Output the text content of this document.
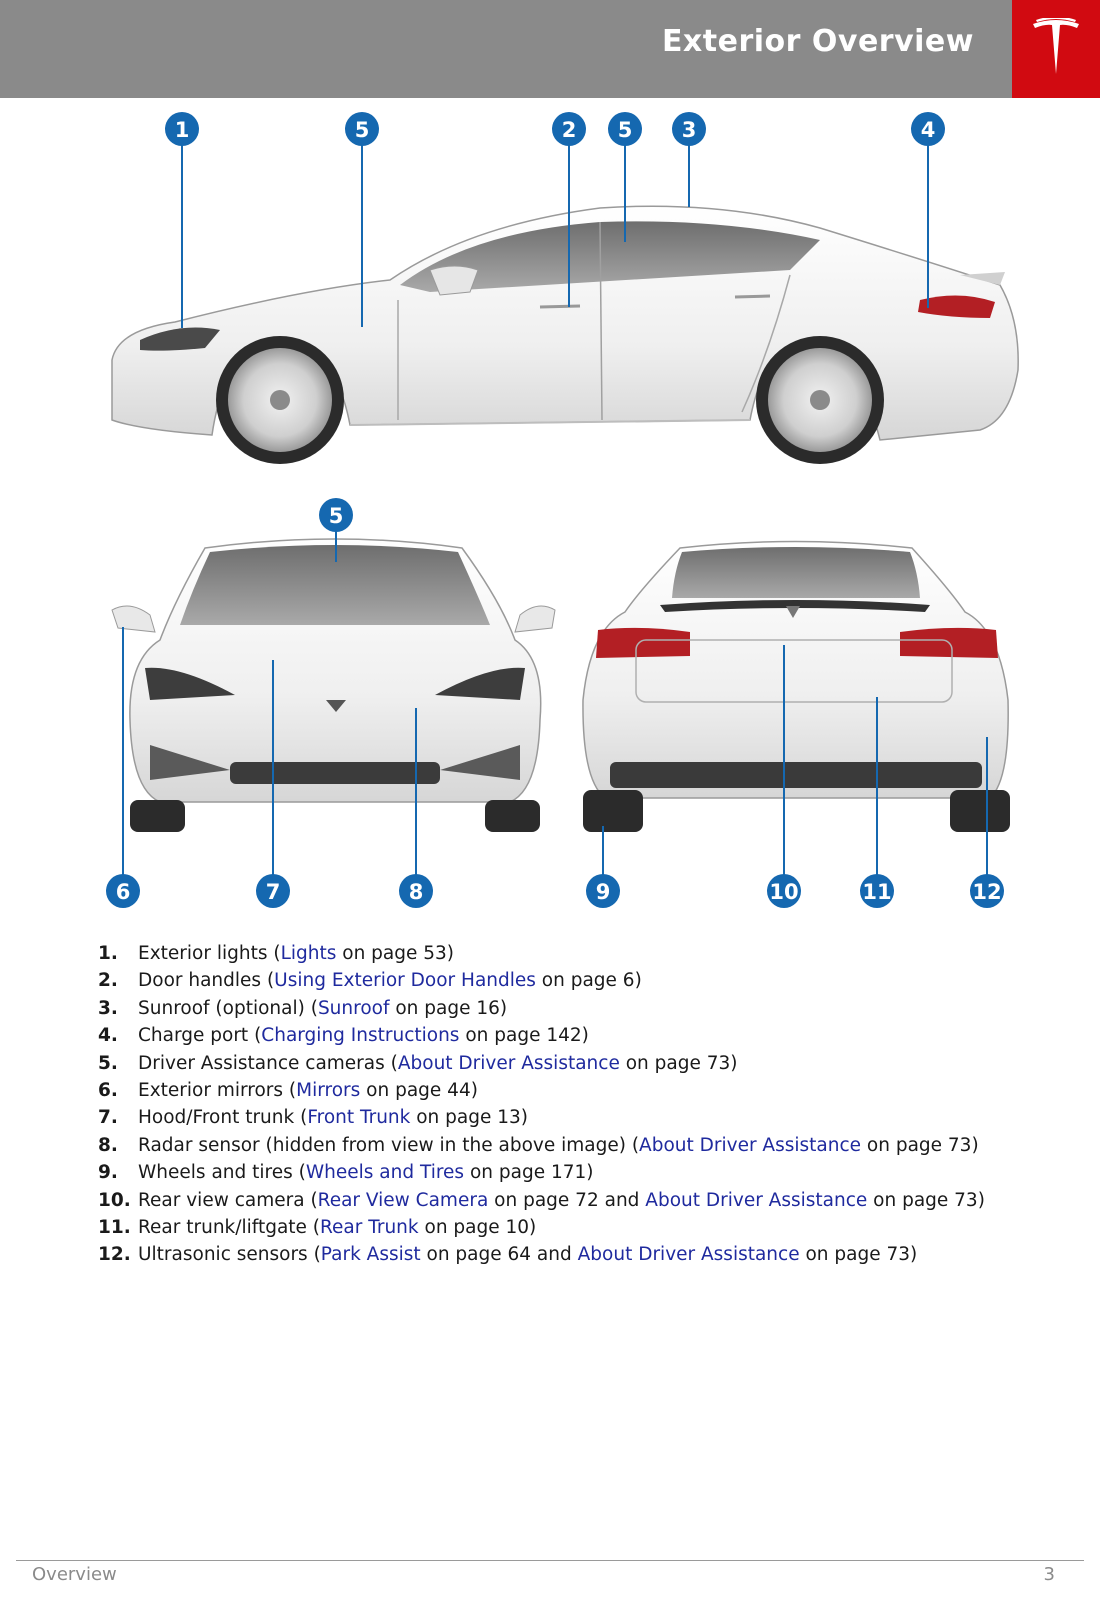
Exterior Overview
1	5	2 5 3	4
5
6	7	8	9	10	11	12
1. Exterior lights (Lights on page 53)
2. Door handles (Using Exterior Door Handles on page 6)
3. Sunroof (optional) (Sunroof on page 16)
4. Charge port (Charging Instructions on page 142)
5. Driver Assistance cameras (About Driver Assistance on page 73)
6. Exterior mirrors (Mirrors on page 44)
7. Hood/Front trunk (Front Trunk on page 13)
8. Radar sensor (hidden from view in the above image) (About Driver Assistance on page 73)
9. Wheels and tires (Wheels and Tires on page 171)
10. Rear view camera (Rear View Camera on page 72 and About Driver Assistance on page 73)
11. Rear trunk/liftgate (Rear Trunk on page 10)
12. Ultrasonic sensors (Park Assist on page 64 and About Driver Assistance on page 73)
Overview	3
